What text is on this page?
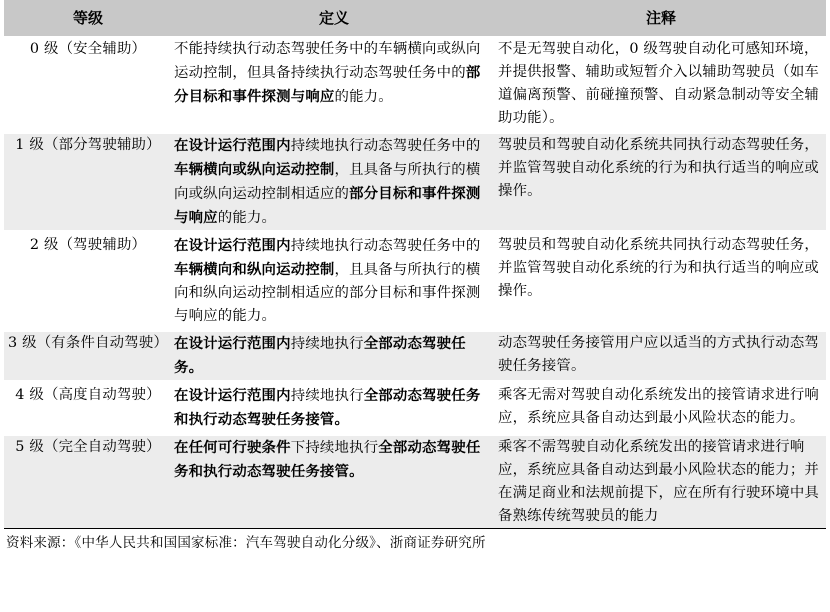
等级	定义	注释
0 级（安全辅助）	不能持续执行动态驾驶任务中的车辆横向或纵向运动控制，但具备持续执行动态驾驶任务中的部分目标和事件探测与响应的能力。	不是无驾驶自动化，0 级驾驶自动化可感知环境，并提供报警、辅助或短暂介入以辅助驾驶员（如车道偏离预警、前碰撞预警、自动紧急制动等安全辅助功能）。
1 级（部分驾驶辅助）	在设计运行范围内持续地执行动态驾驶任务中的车辆横向或纵向运动控制，且具备与所执行的横向或纵向运动控制相适应的部分目标和事件探测与响应的能力。	驾驶员和驾驶自动化系统共同执行动态驾驶任务，并监管驾驶自动化系统的行为和执行适当的响应或操作。
2 级（驾驶辅助）	在设计运行范围内持续地执行动态驾驶任务中的车辆横向和纵向运动控制，且具备与所执行的横向和纵向运动控制相适应的部分目标和事件探测与响应的能力。	驾驶员和驾驶自动化系统共同执行动态驾驶任务，并监管驾驶自动化系统的行为和执行适当的响应或操作。
3 级（有条件自动驾驶）	在设计运行范围内持续地执行全部动态驾驶任务。	动态驾驶任务接管用户应以适当的方式执行动态驾驶任务接管。
4 级（高度自动驾驶）	在设计运行范围内持续地执行全部动态驾驶任务和执行动态驾驶任务接管。	乘客无需对驾驶自动化系统发出的接管请求进行响应，系统应具备自动达到最小风险状态的能力。
5 级（完全自动驾驶）	在任何可行驶条件下持续地执行全部动态驾驶任务和执行动态驾驶任务接管。	乘客不需驾驶自动化系统发出的接管请求进行响应，系统应具备自动达到最小风险状态的能力；并在满足商业和法规前提下，应在所有行驶环境中具备熟练传统驾驶员的能力
资料来源：《中华人民共和国国家标准：汽车驾驶自动化分级》、浙商证券研究所
